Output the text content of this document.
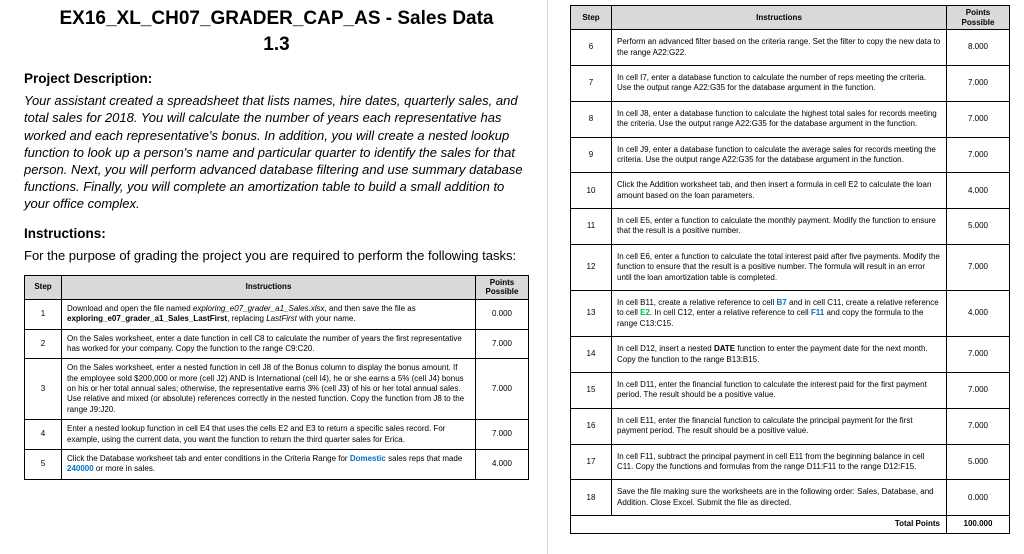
EX16_XL_CH07_GRADER_CAP_AS - Sales Data
1.3
Project Description:

Your assistant created a spreadsheet that lists names, hire dates, quarterly sales, and total sales for 2018. You will calculate the number of years each representative has worked and each representative's bonus. In addition, you will create a nested lookup function to look up a person's name and particular quarter to identify the sales for that person. Next, you will perform advanced database filtering and use summary database functions. Finally, you will complete an amortization table to build a small addition to your office complex.

Instructions:

For the purpose of grading the project you are required to perform the following tasks:

Step	Instructions	Points Possible
1	Download and open the file named exploring_e07_grader_a1_Sales.xlsx, and then save the file as exploring_e07_grader_a1_Sales_LastFirst, replacing LastFirst with your name.	0.000
2	On the Sales worksheet, enter a date function in cell C8 to calculate the number of years the first representative has worked for your company. Copy the function to the range C9:C20.	7.000
3	On the Sales worksheet, enter a nested function in cell J8 of the Bonus column to display the bonus amount. If the employee sold $200,000 or more (cell J2) AND is International (cell I4), he or she earns a 5% (cell J4) bonus on his or her total annual sales; otherwise, the representative earns 3% (cell J3) of his or her total annual sales. Use relative and mixed (or absolute) references correctly in the nested function. Copy the function from J8 to the range J9:J20.	7.000
4	Enter a nested lookup function in cell E4 that uses the cells E2 and E3 to return a specific sales record. For example, using the current data, you want the function to return the third quarter sales for Erica.	7.000
5	Click the Database worksheet tab and enter conditions in the Criteria Range for Domestic sales reps that made 240000 or more in sales.	4.000
Step	Instructions	Points Possible
6	Perform an advanced filter based on the criteria range. Set the filter to copy the new data to the range A22:G22.	8.000
7	In cell I7, enter a database function to calculate the number of reps meeting the criteria. Use the output range A22:G35 for the database argument in the function.	7.000
8	In cell J8, enter a database function to calculate the highest total sales for records meeting the criteria. Use the output range A22:G35 for the database argument in the function.	7.000
9	In cell J9, enter a database function to calculate the average sales for records meeting the criteria. Use the output range A22:G35 for the database argument in the function.	7.000
10	Click the Addition worksheet tab, and then insert a formula in cell E2 to calculate the loan amount based on the loan parameters.	4.000
11	In cell E5, enter a function to calculate the monthly payment. Modify the function to ensure that the result is a positive number.	5.000
12	In cell E6, enter a function to calculate the total interest paid after five payments. Modify the function to ensure that the result is a positive number. The formula will result in an error until the loan amortization table is completed.	7.000
13	In cell B11, create a relative reference to cell B7 and in cell C11, create a relative reference to cell E2. In cell C12, enter a relative reference to cell F11 and copy the formula to the range C13:C15.	4.000
14	In cell D12, insert a nested DATE function to enter the payment date for the next month. Copy the function to the range B13:B15.	7.000
15	In cell D11, enter the financial function to calculate the interest paid for the first payment period. The result should be a positive value.	7.000
16	In cell E11, enter the financial function to calculate the principal payment for the first payment period. The result should be a positive value.	7.000
17	In cell F11, subtract the principal payment in cell E11 from the beginning balance in cell C11. Copy the functions and formulas from the range D11:F11 to the range D12:F15.	5.000
18	Save the file making sure the worksheets are in the following order: Sales, Database, and Addition. Close Excel. Submit the file as directed.	0.000
Total Points		100.000
